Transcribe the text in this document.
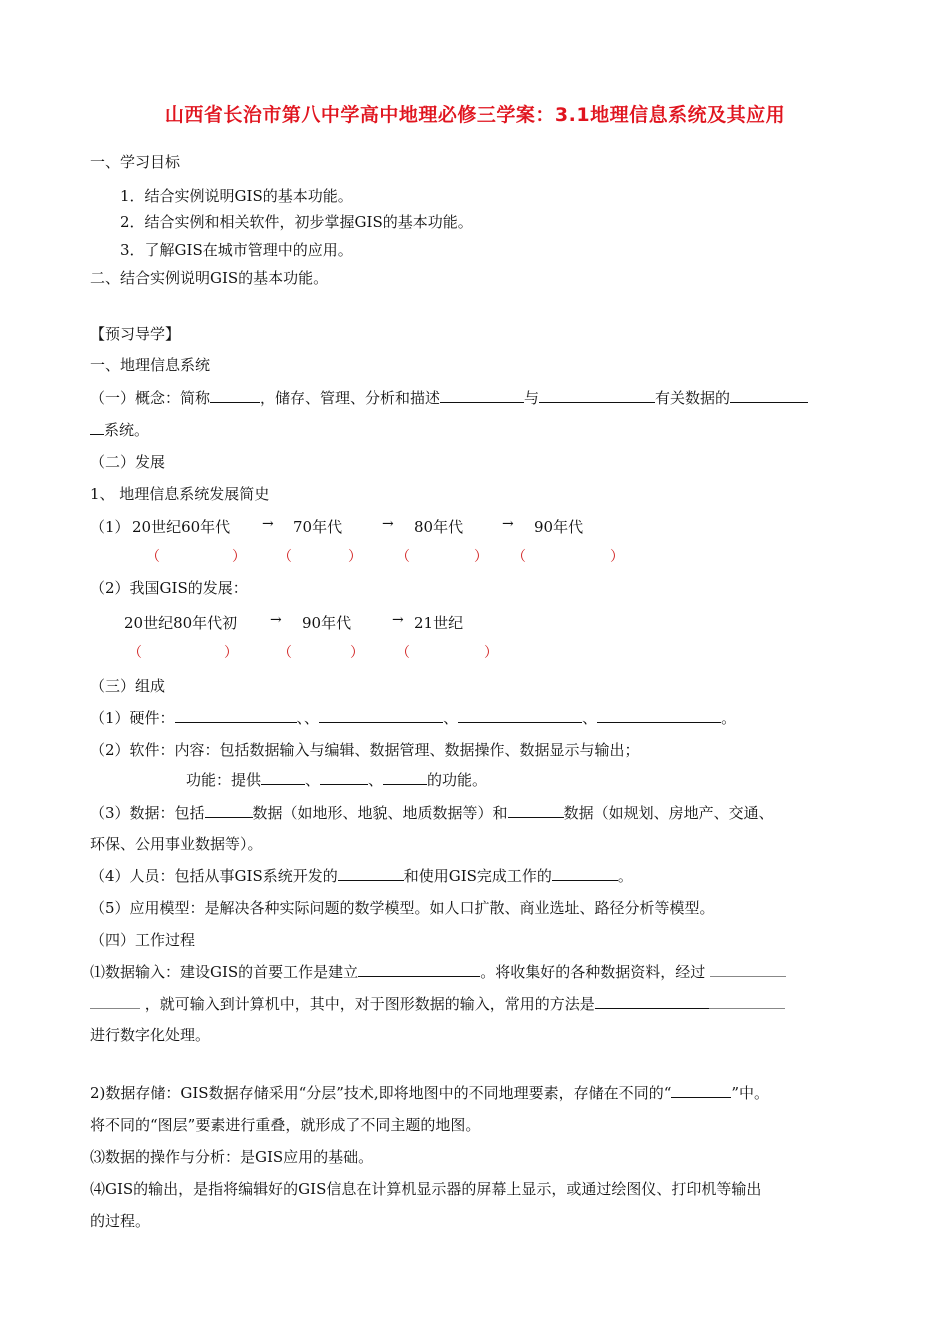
山西省长治市第八中学高中地理必修三学案：3.1地理信息系统及其应用
一、学习目标
1．结合实例说明GIS的基本功能。
2．结合实例和相关软件，初步掌握GIS的基本功能。
3．了解GIS在城市管理中的应用。
二、结合实例说明GIS的基本功能。
【预习导学】
一、地理信息系统
（一）概念：简称	，储存、管理、分析和描述	与	有关数据的
系统。
（二）发展
1、 地理信息系统发展简史
（1） 20世纪60年代 → 70年代	→ 80年代	→ 90年代
（	） （	） （	） （	）
（2）我国GIS的发展：
20世纪80年代初 → 90年代	→ 21世纪
（	）	（	） （	）
（三）组成
（1）硬件：	、、	、	、	。
（2）软件：内容：包括数据输入与编辑、数据管理、数据操作、数据显示与输出；
功能：提供	、	、	的功能。
（3）数据：包括	数据（如地形、地貌、地质数据等）和	数据（如规划、房地产、交通、
环保、公用事业数据等）。
（4）人员：包括从事GIS系统开发的	和使用GIS完成工作的	。
（5）应用模型：是解决各种实际问题的数学模型。如人口扩散、商业选址、路径分析等模型。
（四）工作过程
⑴数据输入：建设GIS的首要工作是建立	。将收集好的各种数据资料，经过
，就可输入到计算机中，其中，对于图形数据的输入，常用的方法是
进行数字化处理。
2)数据存储：GIS数据存储采用“分层”技术,即将地图中的不同地理要素，存储在不同的“	”中。
将不同的“图层”要素进行重叠，就形成了不同主题的地图。
⑶数据的操作与分析：是GIS应用的基础。
⑷GIS的输出，是指将编辑好的GIS信息在计算机显示器的屏幕上显示，或通过绘图仪、打印机等输出
的过程。
